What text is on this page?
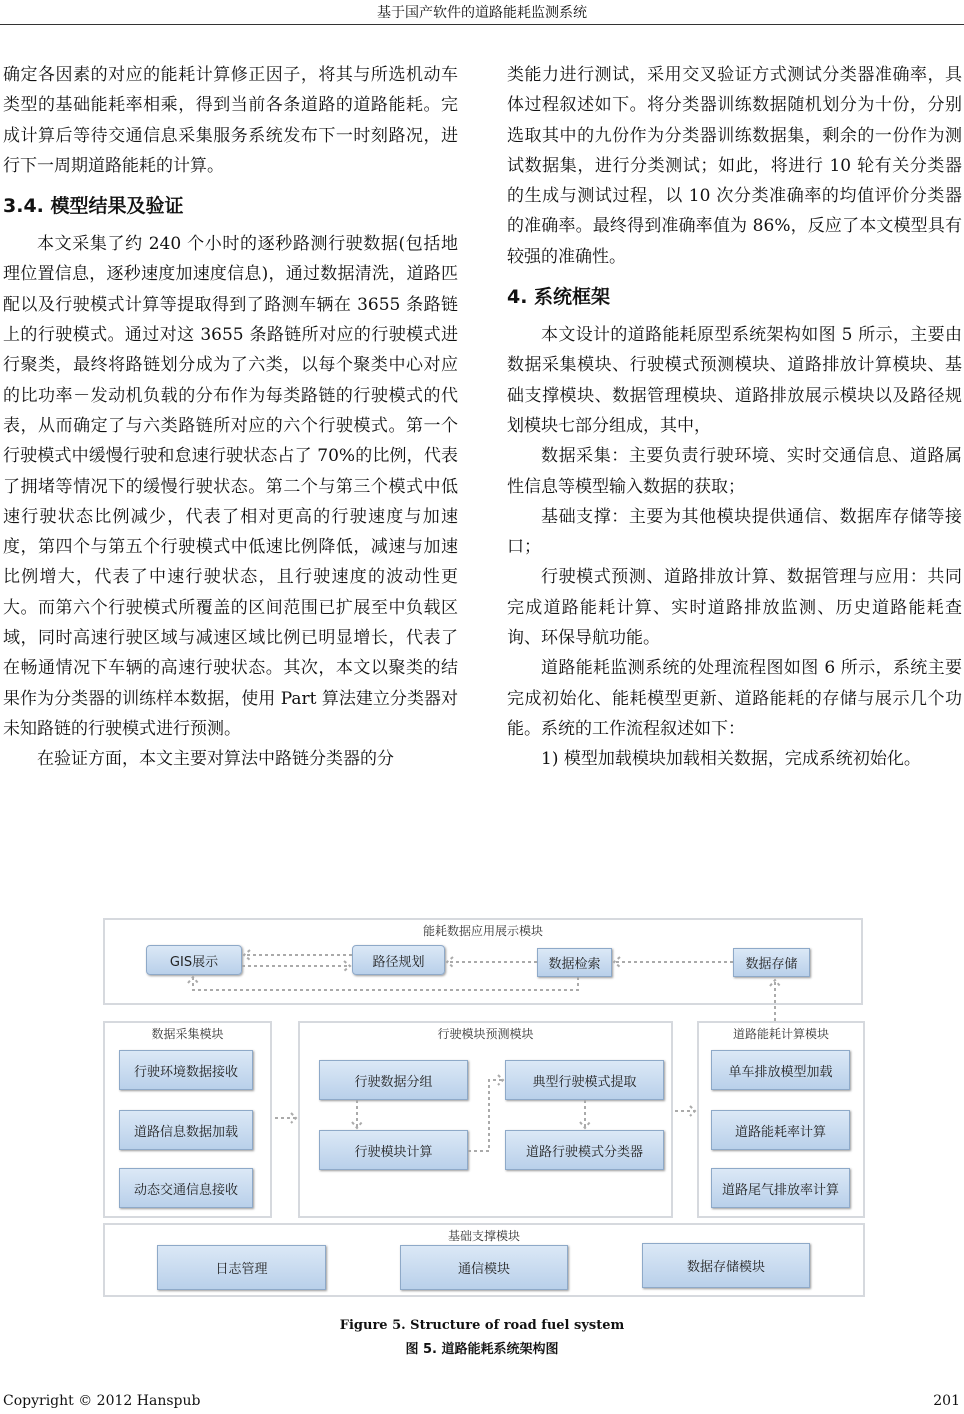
基于国产软件的道路能耗监测系统

确定各因素的对应的能耗计算修正因子，将其与所选机动车类型的基础能耗率相乘，得到当前各条道路的道路能耗。完成计算后等待交通信息采集服务系统发布下一时刻路况，进行下一周期道路能耗的计算。

3.4. 模型结果及验证

本文采集了约 240 个小时的逐秒路测行驶数据(包括地理位置信息，逐秒速度加速度信息)，通过数据清洗，道路匹配以及行驶模式计算等提取得到了路测车辆在 3655 条路链上的行驶模式。通过对这 3655 条路链所对应的行驶模式进行聚类，最终将路链划分成为了六类，以每个聚类中心对应的比功率－发动机负载的分布作为每类路链的行驶模式的代表，从而确定了与六类路链所对应的六个行驶模式。第一个行驶模式中缓慢行驶和怠速行驶状态占了 70%的比例，代表了拥堵等情况下的缓慢行驶状态。第二个与第三个模式中低速行驶状态比例减少，代表了相对更高的行驶速度与加速度，第四个与第五个行驶模式中低速比例降低，减速与加速比例增大，代表了中速行驶状态，且行驶速度的波动性更大。而第六个行驶模式所覆盖的区间范围已扩展至中负载区域，同时高速行驶区域与减速区域比例已明显增长，代表了在畅通情况下车辆的高速行驶状态。其次，本文以聚类的结果作为分类器的训练样本数据，使用 Part 算法建立分类器对未知路链的行驶模式进行预测。

在验证方面，本文主要对算法中路链分类器的分

类能力进行测试，采用交叉验证方式测试分类器准确率，具体过程叙述如下。将分类器训练数据随机划分为十份，分别选取其中的九份作为分类器训练数据集，剩余的一份作为测试数据集，进行分类测试；如此，将进行 10 轮有关分类器的生成与测试过程，以 10 次分类准确率的均值评价分类器的准确率。最终得到准确率值为 86%，反应了本文模型具有较强的准确性。

4. 系统框架

本文设计的道路能耗原型系统架构如图 5 所示，主要由数据采集模块、行驶模式预测模块、道路排放计算模块、基础支撑模块、数据管理模块、道路排放展示模块以及路径规划模块七部分组成，其中，

数据采集：主要负责行驶环境、实时交通信息、道路属性信息等模型输入数据的获取；

基础支撑：主要为其他模块提供通信、数据库存储等接口；

行驶模式预测、道路排放计算、数据管理与应用：共同完成道路能耗计算、实时道路排放监测、历史道路能耗查询、环保导航功能。

道路能耗监测系统的处理流程图如图 6 所示，系统主要完成初始化、能耗模型更新、道路能耗的存储与展示几个功能。系统的工作流程叙述如下：

1) 模型加载模块加载相关数据，完成系统初始化。

能耗数据应用展示模块
GIS展示	路径规划	数据检索	数据存储
数据采集模块
行驶环境数据接收
道路信息数据加载
动态交通信息接收
行驶模块预测模块
行驶数据分组	典型行驶模式提取
行驶模块计算	道路行驶模式分类器
道路能耗计算模块
单车排放模型加载
道路能耗率计算
道路尾气排放率计算
基础支撑模块
日志管理	通信模块	数据存储模块
Figure 5. Structure of road fuel system
图 5. 道路能耗系统架构图
Copyright © 2012 Hanspub	201
